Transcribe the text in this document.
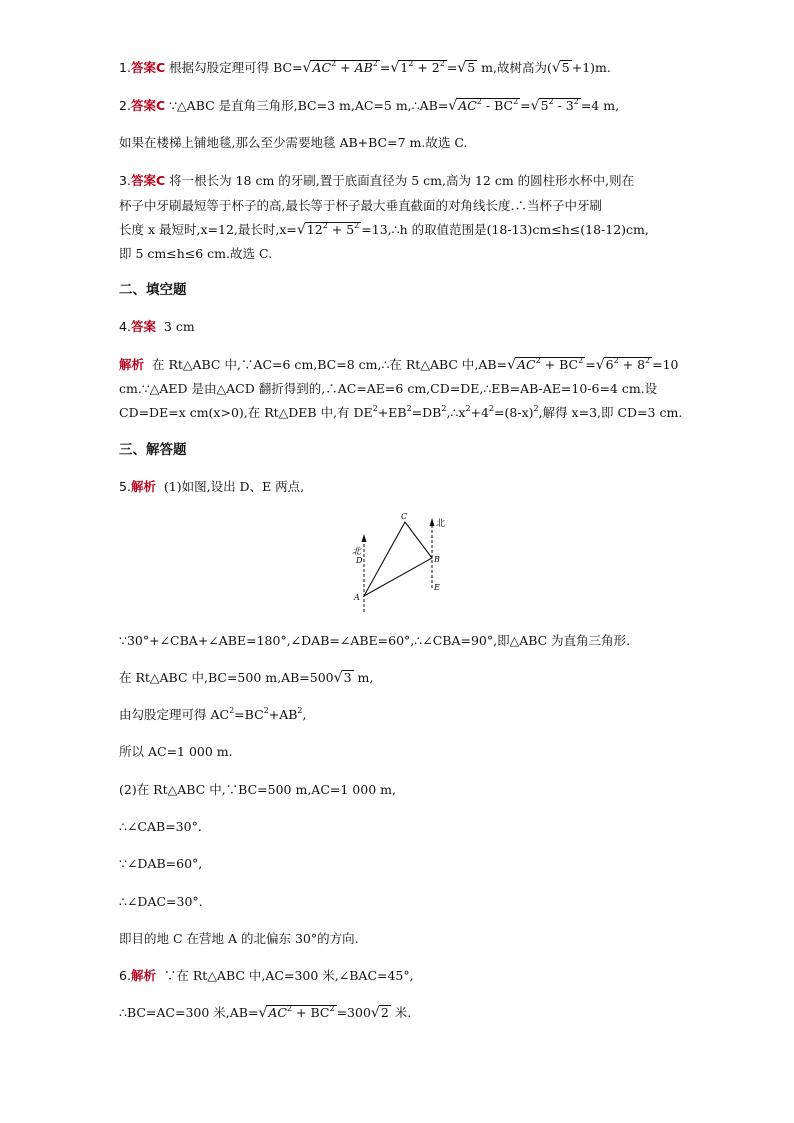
1.答案C 根据勾股定理可得 $BC=√AC^2 + AB^2 =√1^2 + 2^2 =√5$ m,故树高为(√5 +1)m.
2.答案C ∵△ABC 是直角三角形,BC=3 m,AC=5 $m,\therefore AB=√AC^2 - BC^2 =√5^2 - 3^2 =4$ m,
如果在楼梯上铺地毯,那么至少需要地毯 AB+BC=7 m.故选 C.
3.答案C 将一根长为 18 cm 的牙刷,置于底面直径为 5 cm,高为 12 cm 的圆柱形水杯中,则在
杯子中牙刷最短等于杯子的高,最长等于杯子最大垂直截面的对角线长度.∴当杯子中牙刷
长度 x 最短时,x=12,最长时$,x=√12^2 + 5^2$ =13,∴h 的取值范围是(18-13)cm≤h≤(18-12)cm,
即 5 cm≤h≤6 cm.故选 C.
二、填空题
4.答案 3 cm
解析 在 Rt△ABC 中,∵AC=6 cm,BC=8 cm,∴在 Rt△ABC 中$,AB=√AC^2 + BC^2 =√6^2 + 8^2 =10$
cm.∵△AED 是由△ACD 翻折得到的,∴AC=AE=6 cm,CD=DE,∴EB=AB-AE=10-6=4 cm.设
CD=DE=x cm(x>0),在 Rt△DEB 中,有 $DE^2+EB^2=DB^2,\therefore x^2+4^2=(8-x)^2$,解得 x=3,即 CD=3 cm.
三、解答题
5.解析 (1)如图,设出 D、E 两点,
北
D
C
北
B
E
A
∵30°+∠CBA+∠ABE=180°,∠DAB=∠ABE=60°,∴∠CBA=90°,即△ABC 为直角三角形.
在 Rt△ABC 中,BC=500 m,AB=500√3 m,
由勾股定理可得 $AC^2=BC^2+AB^2$,
所以 AC=1 000 m.
(2)在 Rt△ABC 中,∵BC=500 m,AC=1 000 m,
∴∠CAB=30°.
∵∠DAB=60°,
∴∠DAC=30°.
即目的地 C 在营地 A 的北偏东 30°的方向.
6.解析 ∵在 Rt△ABC 中,AC=300 米,∠BAC=45°,
∴BC=AC=300 米$,AB=√AC^2 + BC^2 =300√2$ 米.
